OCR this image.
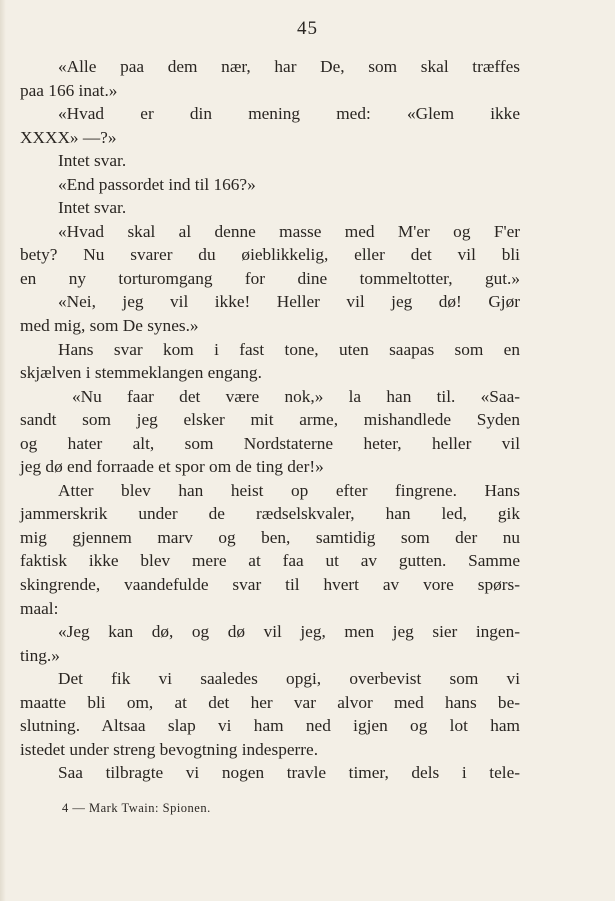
45
«Alle paa dem nær, har De, som skal træffes
paa 166 inat.»
«Hvad er din mening med: «Glem ikke
XXXX» —?»
Intet svar.
«End passordet ind til 166?»
Intet svar.
«Hvad skal al denne masse med M'er og F'er
bety? Nu svarer du øieblikkelig, eller det vil bli
en ny torturomgang for dine tommeltotter, gut.»
«Nei, jeg vil ikke! Heller vil jeg dø! Gjør
med mig, som De synes.»
Hans svar kom i fast tone, uten saapas som en
skjælven i stemmeklangen engang.
«Nu faar det være nok,» la han til. «Saa-
sandt som jeg elsker mit arme, mishandlede Syden
og hater alt, som Nordstaterne heter, heller vil
jeg dø end forraade et spor om de ting der!»
Atter blev han heist op efter fingrene. Hans
jammerskrik under de rædselskvaler, han led, gik
mig gjennem marv og ben, samtidig som der nu
faktisk ikke blev mere at faa ut av gutten. Samme
skingrende, vaandefulde svar til hvert av vore spørs-
maal:
«Jeg kan dø, og dø vil jeg, men jeg sier ingen-
ting.»
Det fik vi saaledes opgi, overbevist som vi
maatte bli om, at det her var alvor med hans be-
slutning. Altsaa slap vi ham ned igjen og lot ham
istedet under streng bevogtning indesperre.
Saa tilbragte vi nogen travle timer, dels i tele-
4 — Mark Twain: Spionen.
